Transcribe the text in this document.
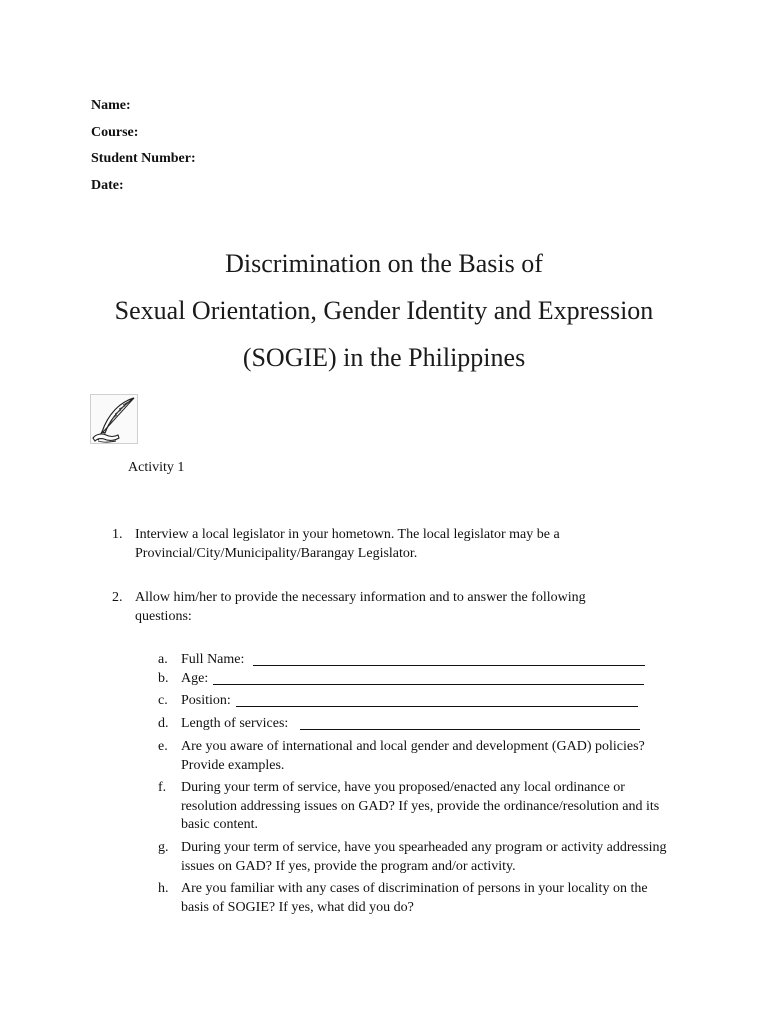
Name:
Course:
Student Number:
Date:
Discrimination on the Basis of
Sexual Orientation, Gender Identity and Expression
(SOGIE) in the Philippines
Activity 1
1. Interview a local legislator in your hometown. The local legislator may be a Provincial/City/Municipality/Barangay Legislator.
2. Allow him/her to provide the necessary information and to answer the following questions:
a. Full Name:
b. Age:
c. Position:
d. Length of services:
e. Are you aware of international and local gender and development (GAD) policies? Provide examples.
f. During your term of service, have you proposed/enacted any local ordinance or resolution addressing issues on GAD? If yes, provide the ordinance/resolution and its basic content.
g. During your term of service, have you spearheaded any program or activity addressing issues on GAD? If yes, provide the program and/or activity.
h. Are you familiar with any cases of discrimination of persons in your locality on the basis of SOGIE? If yes, what did you do?
